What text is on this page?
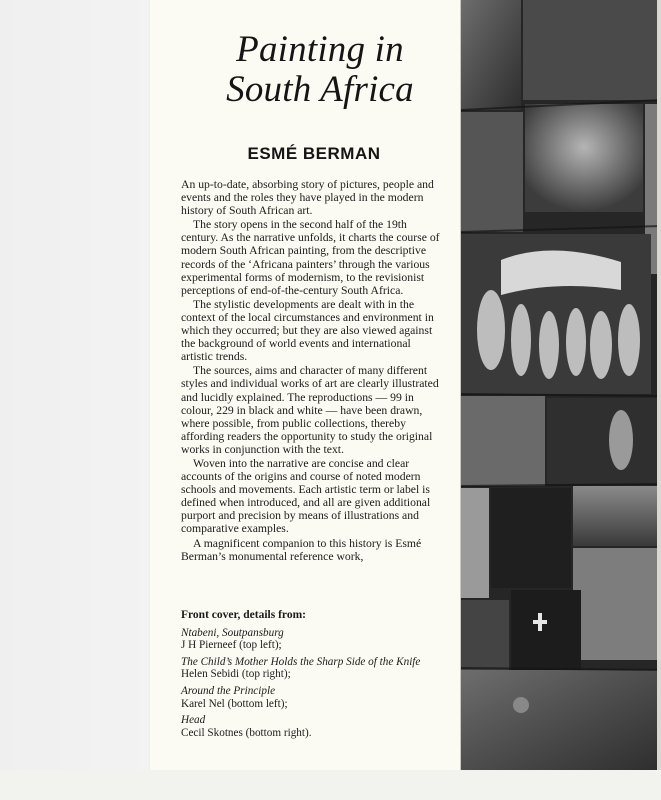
Painting in
South Africa
ESMÉ BERMAN

An up-to-date, absorbing story of pictures, people and events and the roles they have played in the modern history of South African art.

The story opens in the second half of the 19th century. As the narrative unfolds, it charts the course of modern South African painting, from the descriptive records of the ‘Africana painters’ through the various experimental forms of modernism, to the revisionist perceptions of end-of-the-century South Africa.

The stylistic developments are dealt with in the context of the local circumstances and environment in which they occurred; but they are also viewed against the background of world events and international artistic trends.

The sources, aims and character of many different styles and individual works of art are clearly illustrated and lucidly explained. The reproductions — 99 in colour, 229 in black and white — have been drawn, where possible, from public collections, thereby affording readers the opportunity to study the original works in conjunction with the text.

Woven into the narrative are concise and clear accounts of the origins and course of noted modern schools and movements. Each artistic term or label is defined when introduced, and all are given additional purport and precision by means of illustrations and comparative examples.

A magnificent companion to this history is Esmé Berman’s monumental reference work,

Front cover, details from:
Ntabeni, Soutpansburg
J H Pierneef (top left);
The Child’s Mother Holds the Sharp Side of the Knife
Helen Sebidi (top right);
Around the Principle
Karel Nel (bottom left);
Head
Cecil Skotnes (bottom right).
